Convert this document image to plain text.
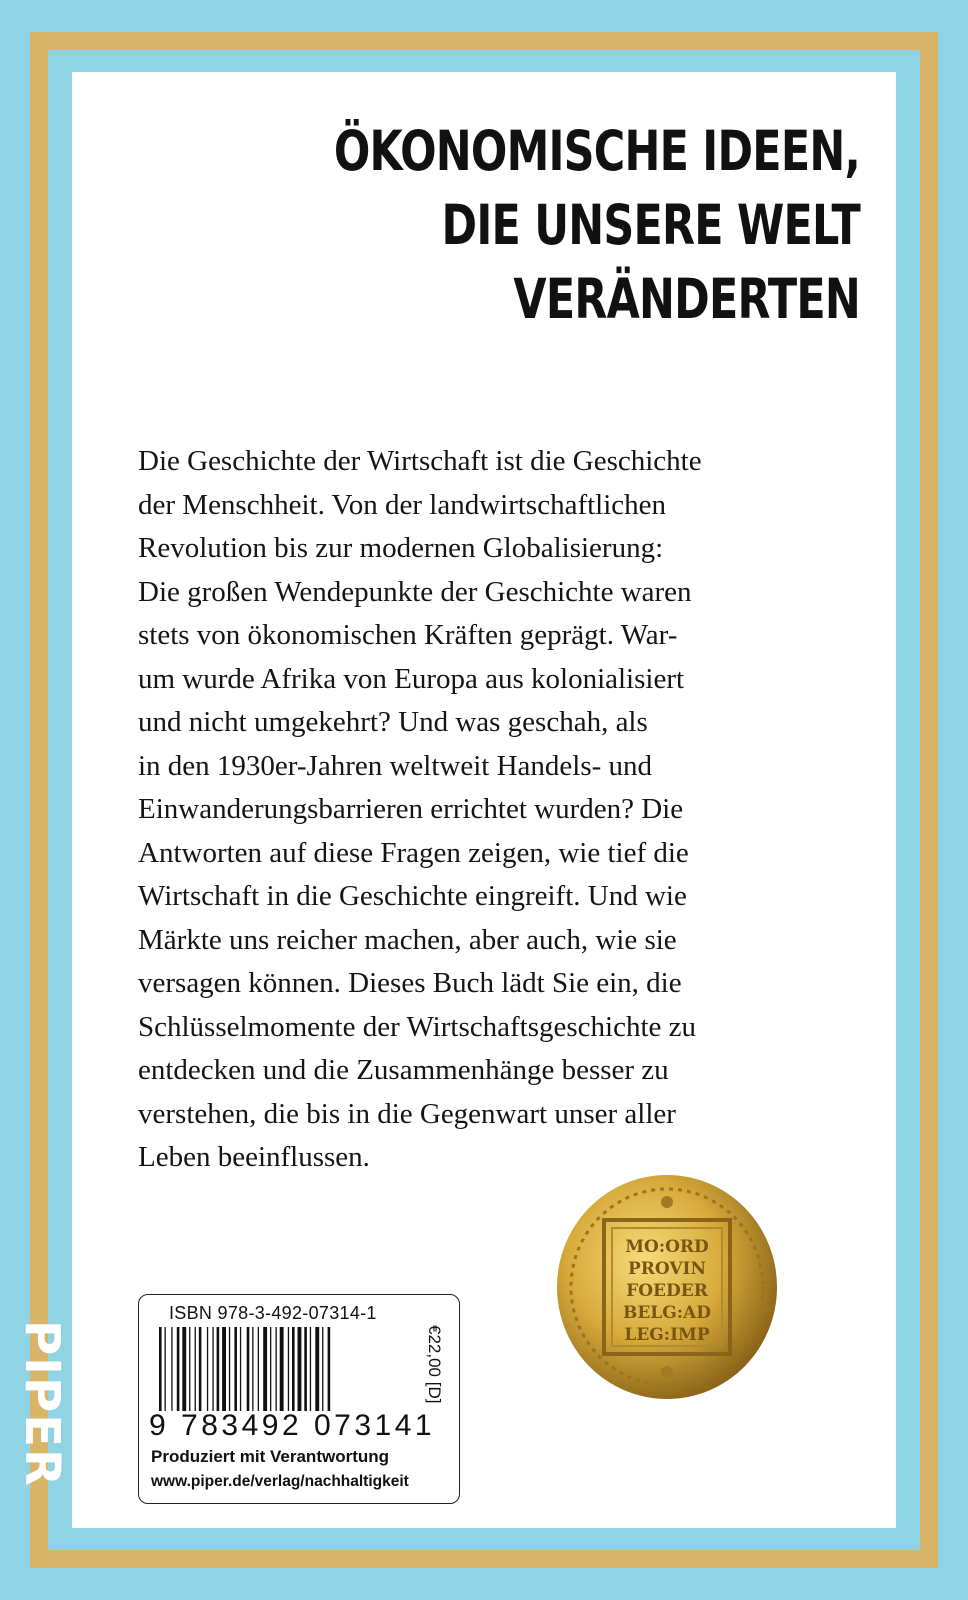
ÖKONOMISCHE IDEEN,
DIE UNSERE WELT
VERÄNDERTEN
Die Geschichte der Wirtschaft ist die Geschichte
der Menschheit. Von der landwirtschaftlichen
Revolution bis zur modernen Globalisierung:
Die großen Wendepunkte der Geschichte waren
stets von ökonomischen Kräften geprägt. War-
um wurde Afrika von Europa aus kolonialisiert
und nicht umgekehrt? Und was geschah, als
in den 1930er-Jahren weltweit Handels- und
Einwanderungsbarrieren errichtet wurden? Die
Antworten auf diese Fragen zeigen, wie tief die
Wirtschaft in die Geschichte eingreift. Und wie
Märkte uns reicher machen, aber auch, wie sie
versagen können. Dieses Buch lädt Sie ein, die
Schlüsselmomente der Wirtschaftsgeschichte zu
entdecken und die Zusammenhänge besser zu
verstehen, die bis in die Gegenwart unser aller
Leben beeinflussen.
ISBN 978-3-492-07314-1
9 783492 073141
€22,00 [D]
Produziert mit Verantwortung
www.piper.de/verlag/nachhaltigkeit
MO:ORD
PROVIN
FOEDER
BELG:AD
LEG:IMP
PIPER
